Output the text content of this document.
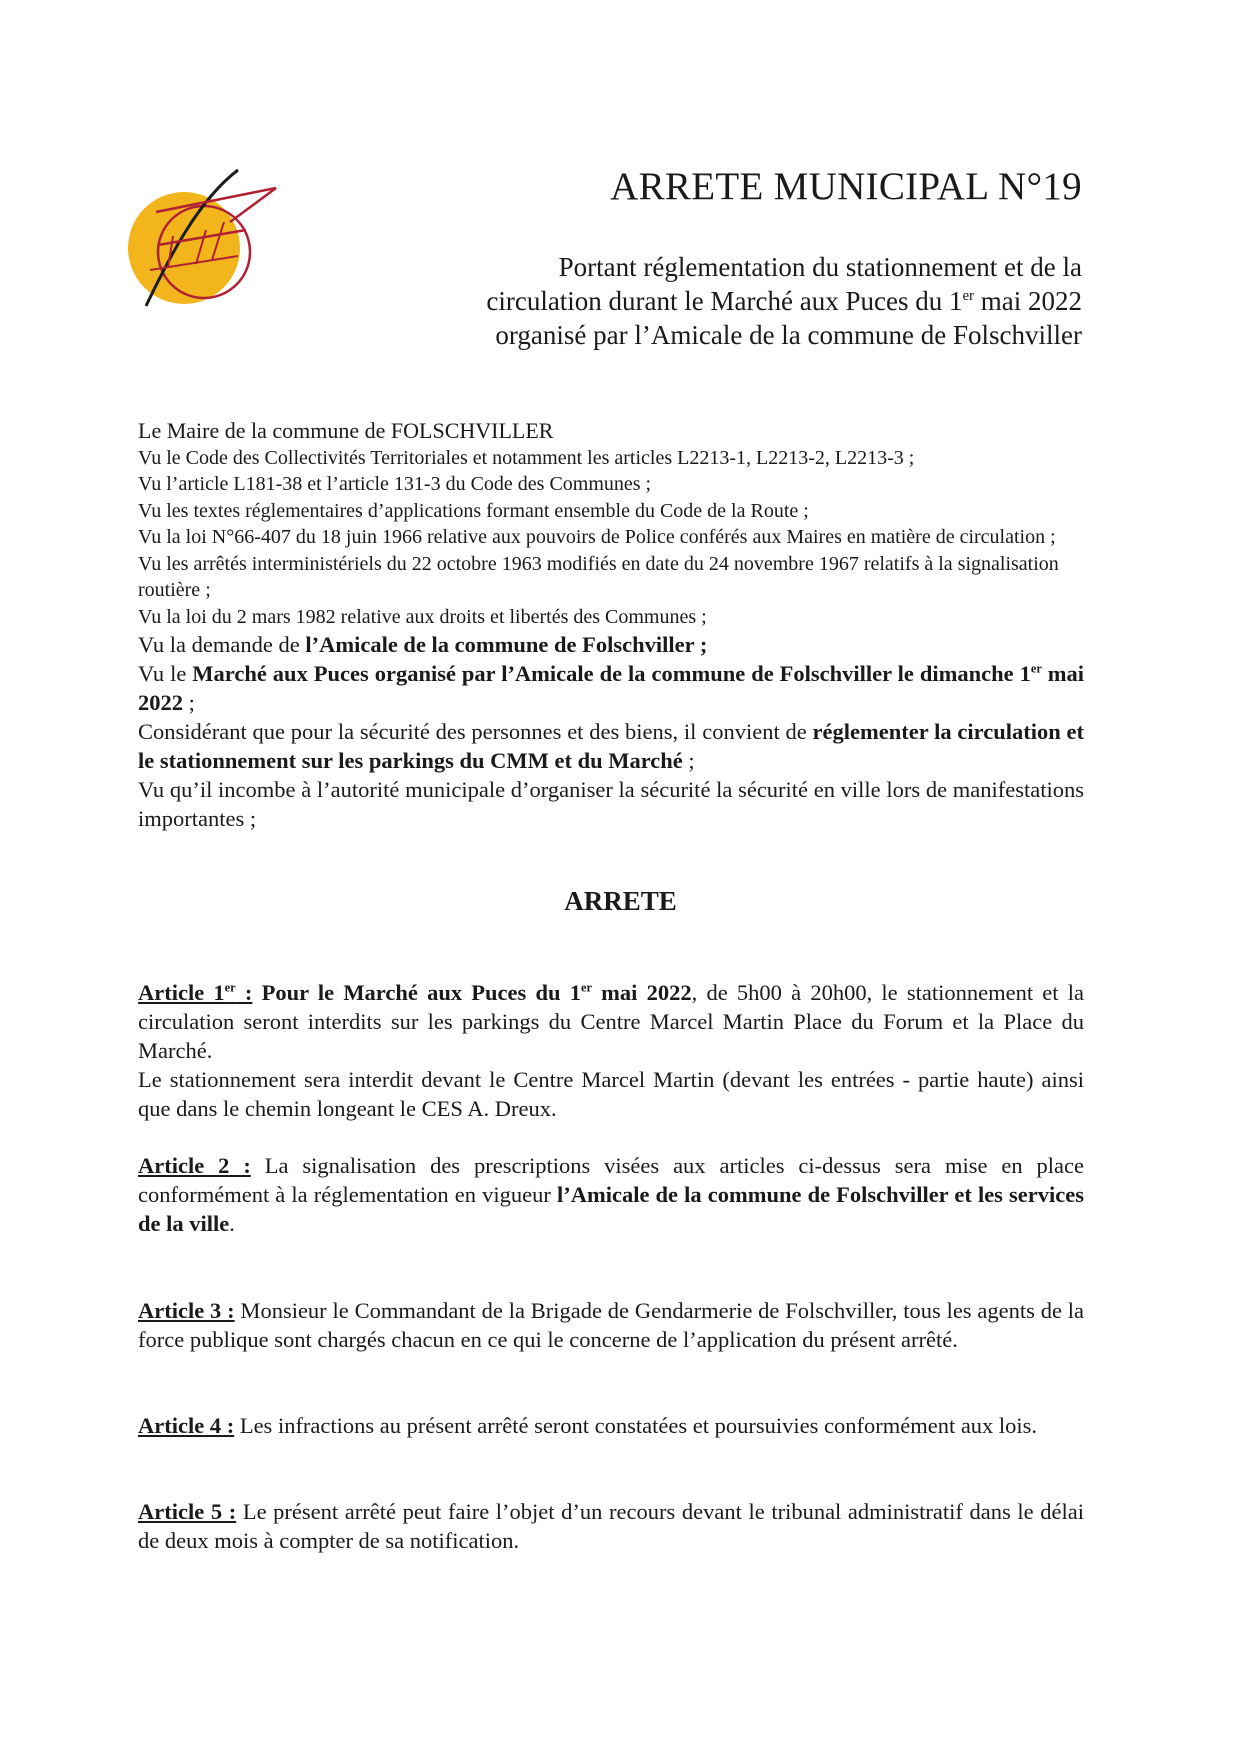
ARRETE MUNICIPAL N°19
Portant réglementation du stationnement et de la
circulation durant le Marché aux Puces du 1er mai 2022
organisé par l’Amicale de la commune de Folschviller

Le Maire de la commune de FOLSCHVILLER

Vu le Code des Collectivités Territoriales et notamment les articles L2213-1, L2213-2, L2213-3 ;

Vu l’article L181-38 et l’article 131-3 du Code des Communes ;

Vu les textes réglementaires d’applications formant ensemble du Code de la Route ;

Vu la loi N°66-407 du 18 juin 1966 relative aux pouvoirs de Police conférés aux Maires en matière de circulation ;

Vu les arrêtés interministériels du 22 octobre 1963 modifiés en date du 24 novembre 1967 relatifs à la signalisation routière ;

Vu la loi du 2 mars 1982 relative aux droits et libertés des Communes ;

Vu la demande de l’Amicale de la commune de Folschviller ;

Vu le Marché aux Puces organisé par l’Amicale de la commune de Folschviller le dimanche 1er mai 2022 ;

Considérant que pour la sécurité des personnes et des biens, il convient de réglementer la circulation et le stationnement sur les parkings du CMM et du Marché ;

Vu qu’il incombe à l’autorité municipale d’organiser la sécurité la sécurité en ville lors de manifestations importantes ;

ARRETE

Article 1er : Pour le Marché aux Puces du 1er mai 2022, de 5h00 à 20h00, le stationnement et la circulation seront interdits sur les parkings du Centre Marcel Martin Place du Forum et la Place du Marché.

Le stationnement sera interdit devant le Centre Marcel Martin (devant les entrées - partie haute) ainsi que dans le chemin longeant le CES A. Dreux.

Article 2 : La signalisation des prescriptions visées aux articles ci-dessus sera mise en place conformément à la réglementation en vigueur l’Amicale de la commune de Folschviller et les services de la ville.

Article 3 : Monsieur le Commandant de la Brigade de Gendarmerie de Folschviller, tous les agents de la force publique sont chargés chacun en ce qui le concerne de l’application du présent arrêté.

Article 4 : Les infractions au présent arrêté seront constatées et poursuivies conformément aux lois.

Article 5 : Le présent arrêté peut faire l’objet d’un recours devant le tribunal administratif dans le délai de deux mois à compter de sa notification.
